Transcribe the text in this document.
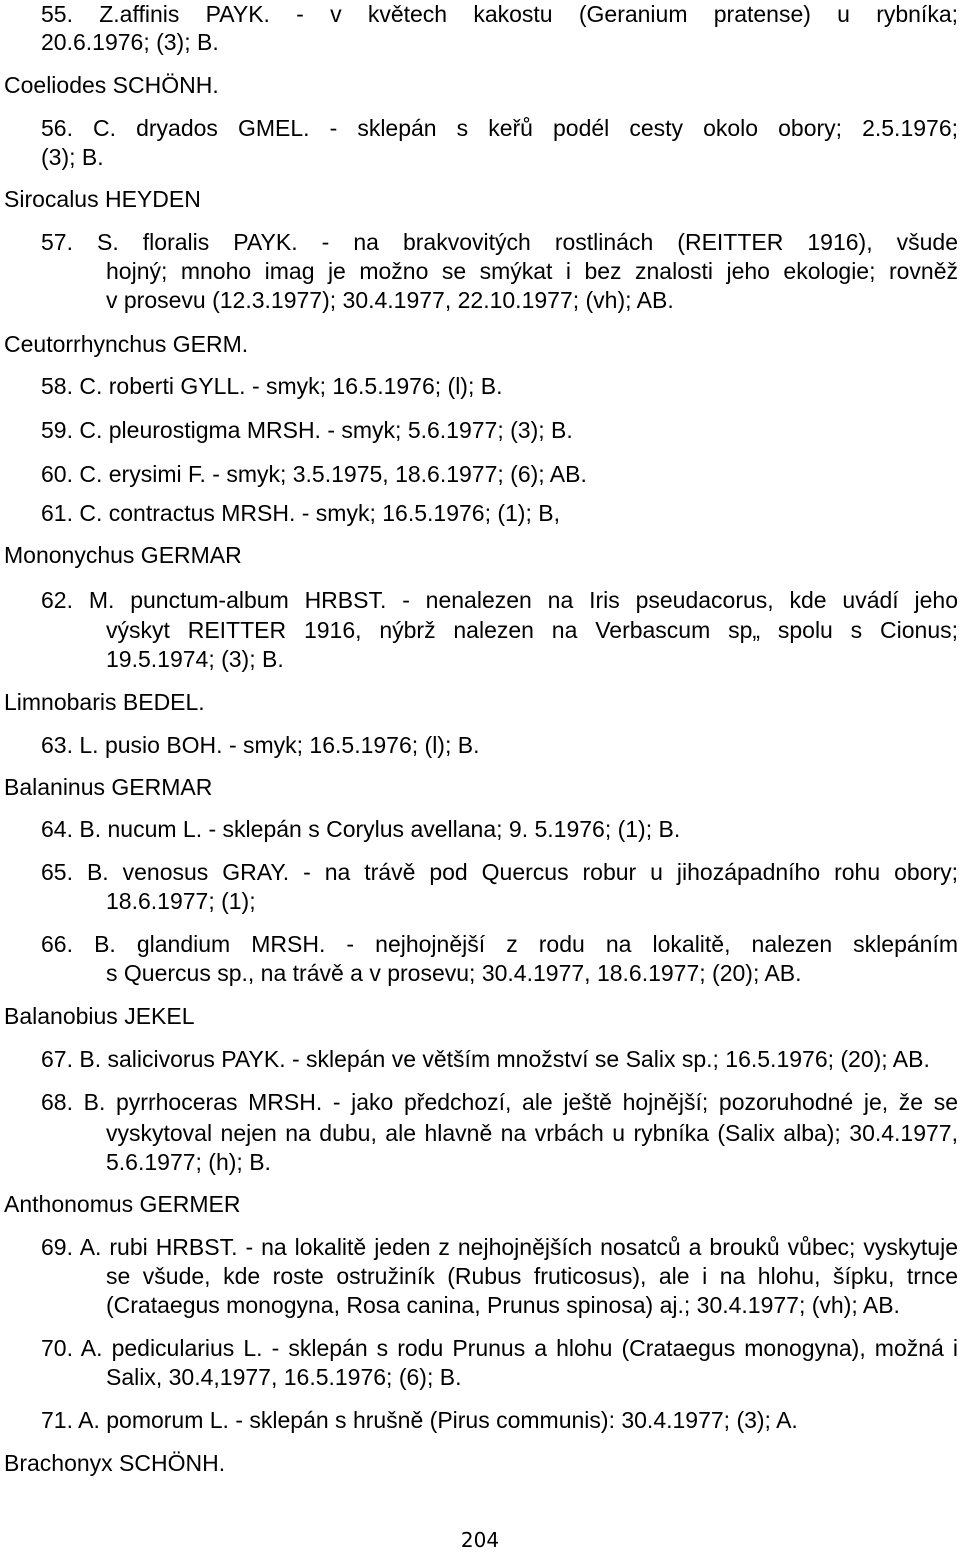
55. Z.affinis PAYK. - v květech kakostu (Geranium pratense) u rybníka;
20.6.1976; (3); B.
Coeliodes SCHÖNH.
56. C. dryados GMEL. - sklepán s keřů podél cesty okolo obory; 2.5.1976;
(3); B.
Sirocalus HEYDEN
57. S. floralis PAYK. - na brakvovitých rostlinách (REITTER 1916), všude
hojný; mnoho imag je možno se smýkat i bez znalosti jeho ekologie; rovněž
v prosevu (12.3.1977); 30.4.1977, 22.10.1977; (vh); AB.
Ceutorrhynchus GERM.
58. C. roberti GYLL. - smyk; 16.5.1976; (l); B.
59. C. pleurostigma MRSH. - smyk; 5.6.1977; (3); B.
60. C. erysimi F. - smyk; 3.5.1975, 18.6.1977; (6); AB.
61. C. contractus MRSH. - smyk; 16.5.1976; (1); B,
Mononychus GERMAR
62. M. punctum-album HRBST. - nenalezen na Iris pseudacorus, kde uvádí jeho
výskyt REITTER 1916, nýbrž nalezen na Verbascum sp„ spolu s Cionus;
19.5.1974; (3); B.
Limnobaris BEDEL.
63. L. pusio BOH. - smyk; 16.5.1976; (l); B.
Balaninus GERMAR
64. B. nucum L. - sklepán s Corylus avellana; 9. 5.1976; (1); B.
65. B. venosus GRAY. - na trávě pod Quercus robur u jihozápadního rohu obory;
18.6.1977; (1);
66. B. glandium MRSH. - nejhojnější z rodu na lokalitě, nalezen sklepáním
s Quercus sp., na trávě a v prosevu; 30.4.1977, 18.6.1977; (20); AB.
Balanobius JEKEL
67. B. salicivorus PAYK. - sklepán ve větším množství se Salix sp.; 16.5.1976; (20); AB.
68. B. pyrrhoceras MRSH. - jako předchozí, ale ještě hojnější; pozoruhodné je, že se
vyskytoval nejen na dubu, ale hlavně na vrbách u rybníka (Salix alba); 30.4.1977,
5.6.1977; (h); B.
Anthonomus GERMER
69. A. rubi HRBST. - na lokalitě jeden z nejhojnějších nosatců a brouků vůbec; vyskytuje
se všude, kde roste ostružiník (Rubus fruticosus), ale i na hlohu, šípku, trnce
(Crataegus monogyna, Rosa canina, Prunus spinosa) aj.; 30.4.1977; (vh); AB.
70. A. pedicularius L. - sklepán s rodu Prunus a hlohu (Crataegus monogyna), možná i
Salix, 30.4,1977, 16.5.1976; (6); B.
71. A. pomorum L. - sklepán s hrušně (Pirus communis): 30.4.1977; (3); A.
Brachonyx SCHÖNH.
204
